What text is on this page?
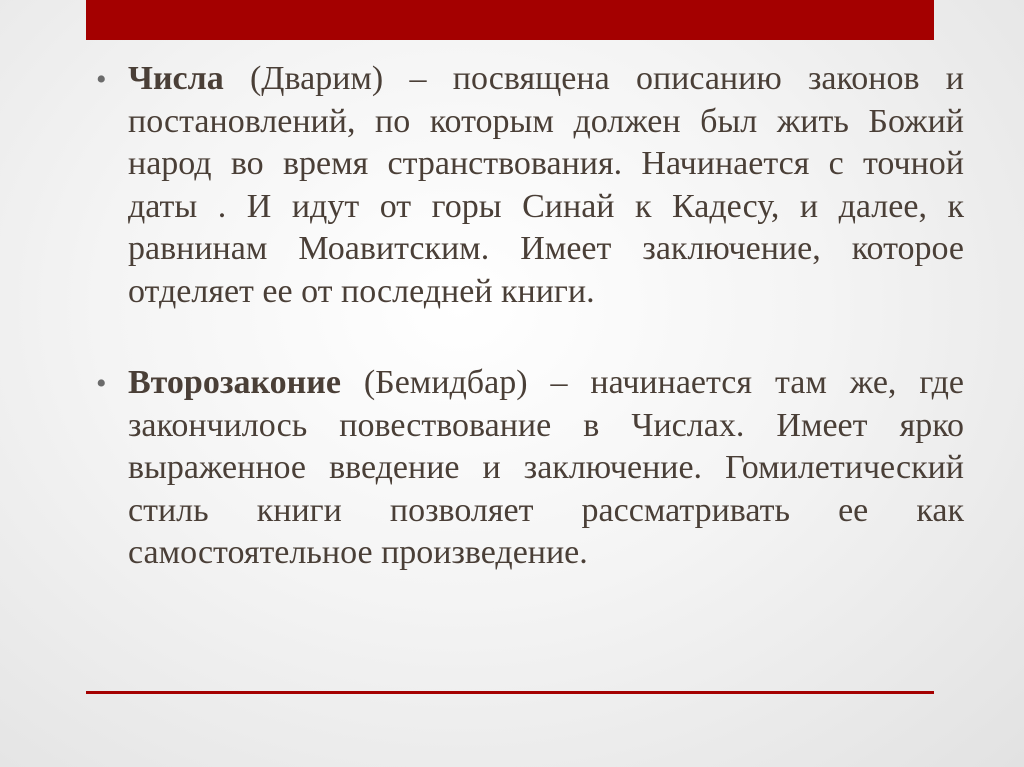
• Числа (Дварим) – посвящена описанию законов и постановлений, по которым должен был жить Божий народ во время странствования. Начинается с точной даты . И идут от горы Синай к Кадесу, и далее, к равнинам Моавитским. Имеет заключение, которое отделяет ее от последней книги.
• Второзаконие (Бемидбар) – начинается там же, где закончилось повествование в Числах. Имеет ярко выраженное введение и заключение. Гомилетический стиль книги позволяет рассматривать ее как самостоятельное произведение.
